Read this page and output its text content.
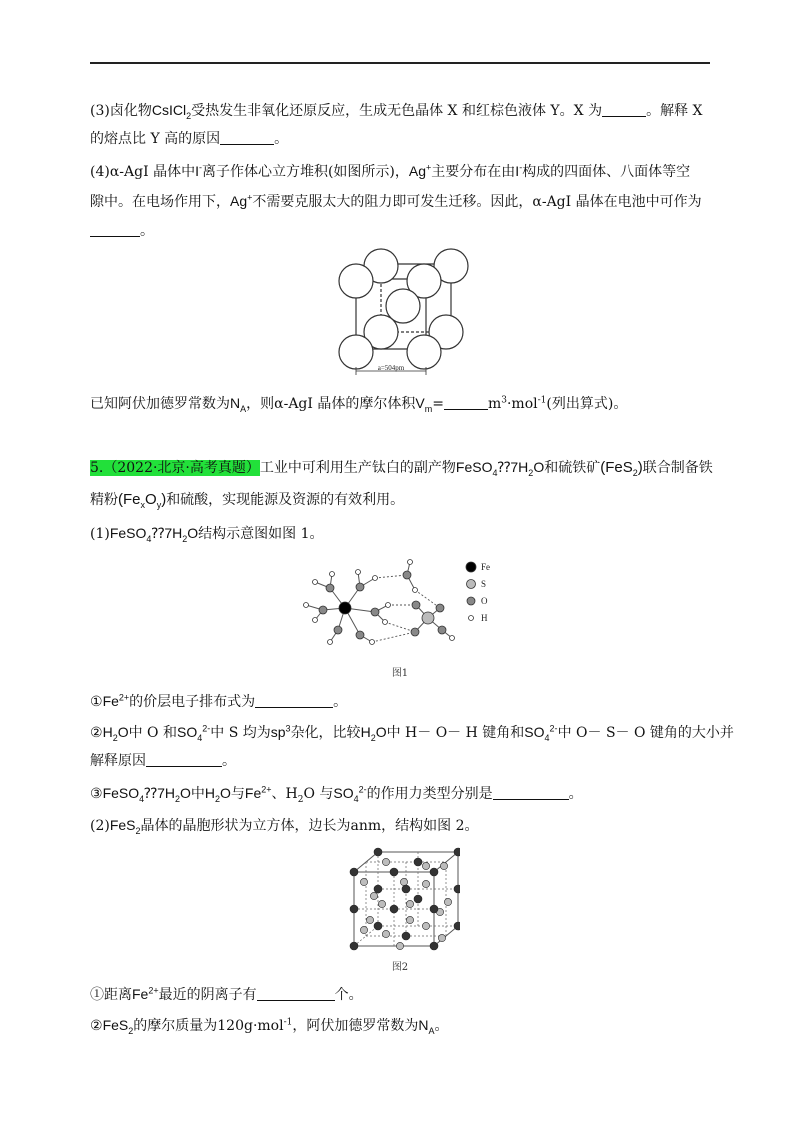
(3)卤化物CsICl$_2$受热发生非氧化还原反应，生成无色晶体 X 和红棕色液体 Y。X 为	。解释 X
的熔点比 Y 高的原因	。
(4)α-AgI 晶体中I-离子作体心立方堆积(如图所示)，Ag+主要分布在由I-构成的四面体、八面体等空
隙中。在电场作用下，Ag+不需要克服太大的阻力即可发生迁移。因此，α-AgI 晶体在电池中可作为
。
a=504pm
已知阿伏加德罗常数为$N_A$，则α-AgI 晶体的摩尔体积$V_m=$	$m^3\cdot mol^{-1}$(列出算式)。
5.（2022·北京·高考真题）工业中可利用生产钛白的副产物$FeSO_4⁇7H_2O$和硫铁矿(FeS$_2$)联合制备铁
精粉$(Fe_xO_y)$和硫酸，实现能源及资源的有效利用。
$(1)FeSO_4⁇7H_2O$结构示意图如图 1。
Fe
S
O
H
图1
$①Fe^{2+}$的价层电子排布式为	。
$②H_2O$中 O 和$SO_4^{2-}$中 S 均为$sp^3$杂化，比较$H_2O$中 H－ O－ H 键角和$SO_4^{2-}$中 O－ S－ O 键角的大小并
解释原因	。
$③FeSO_4⁇7H_2O$中$H_2O$与$Fe^{2+}$、$H_2O$ 与$SO_4^{2-}$的作用力类型分别是	。
(2)FeS$_2$晶体的晶胞形状为立方体，边长为anm，结构如图 2。
图2
①距离$Fe^{2+}$最近的阴离子有	个。
②FeS$_2$的摩尔质量为120g·mol$^{-1}$，阿伏加德罗常数为$N_A$。
